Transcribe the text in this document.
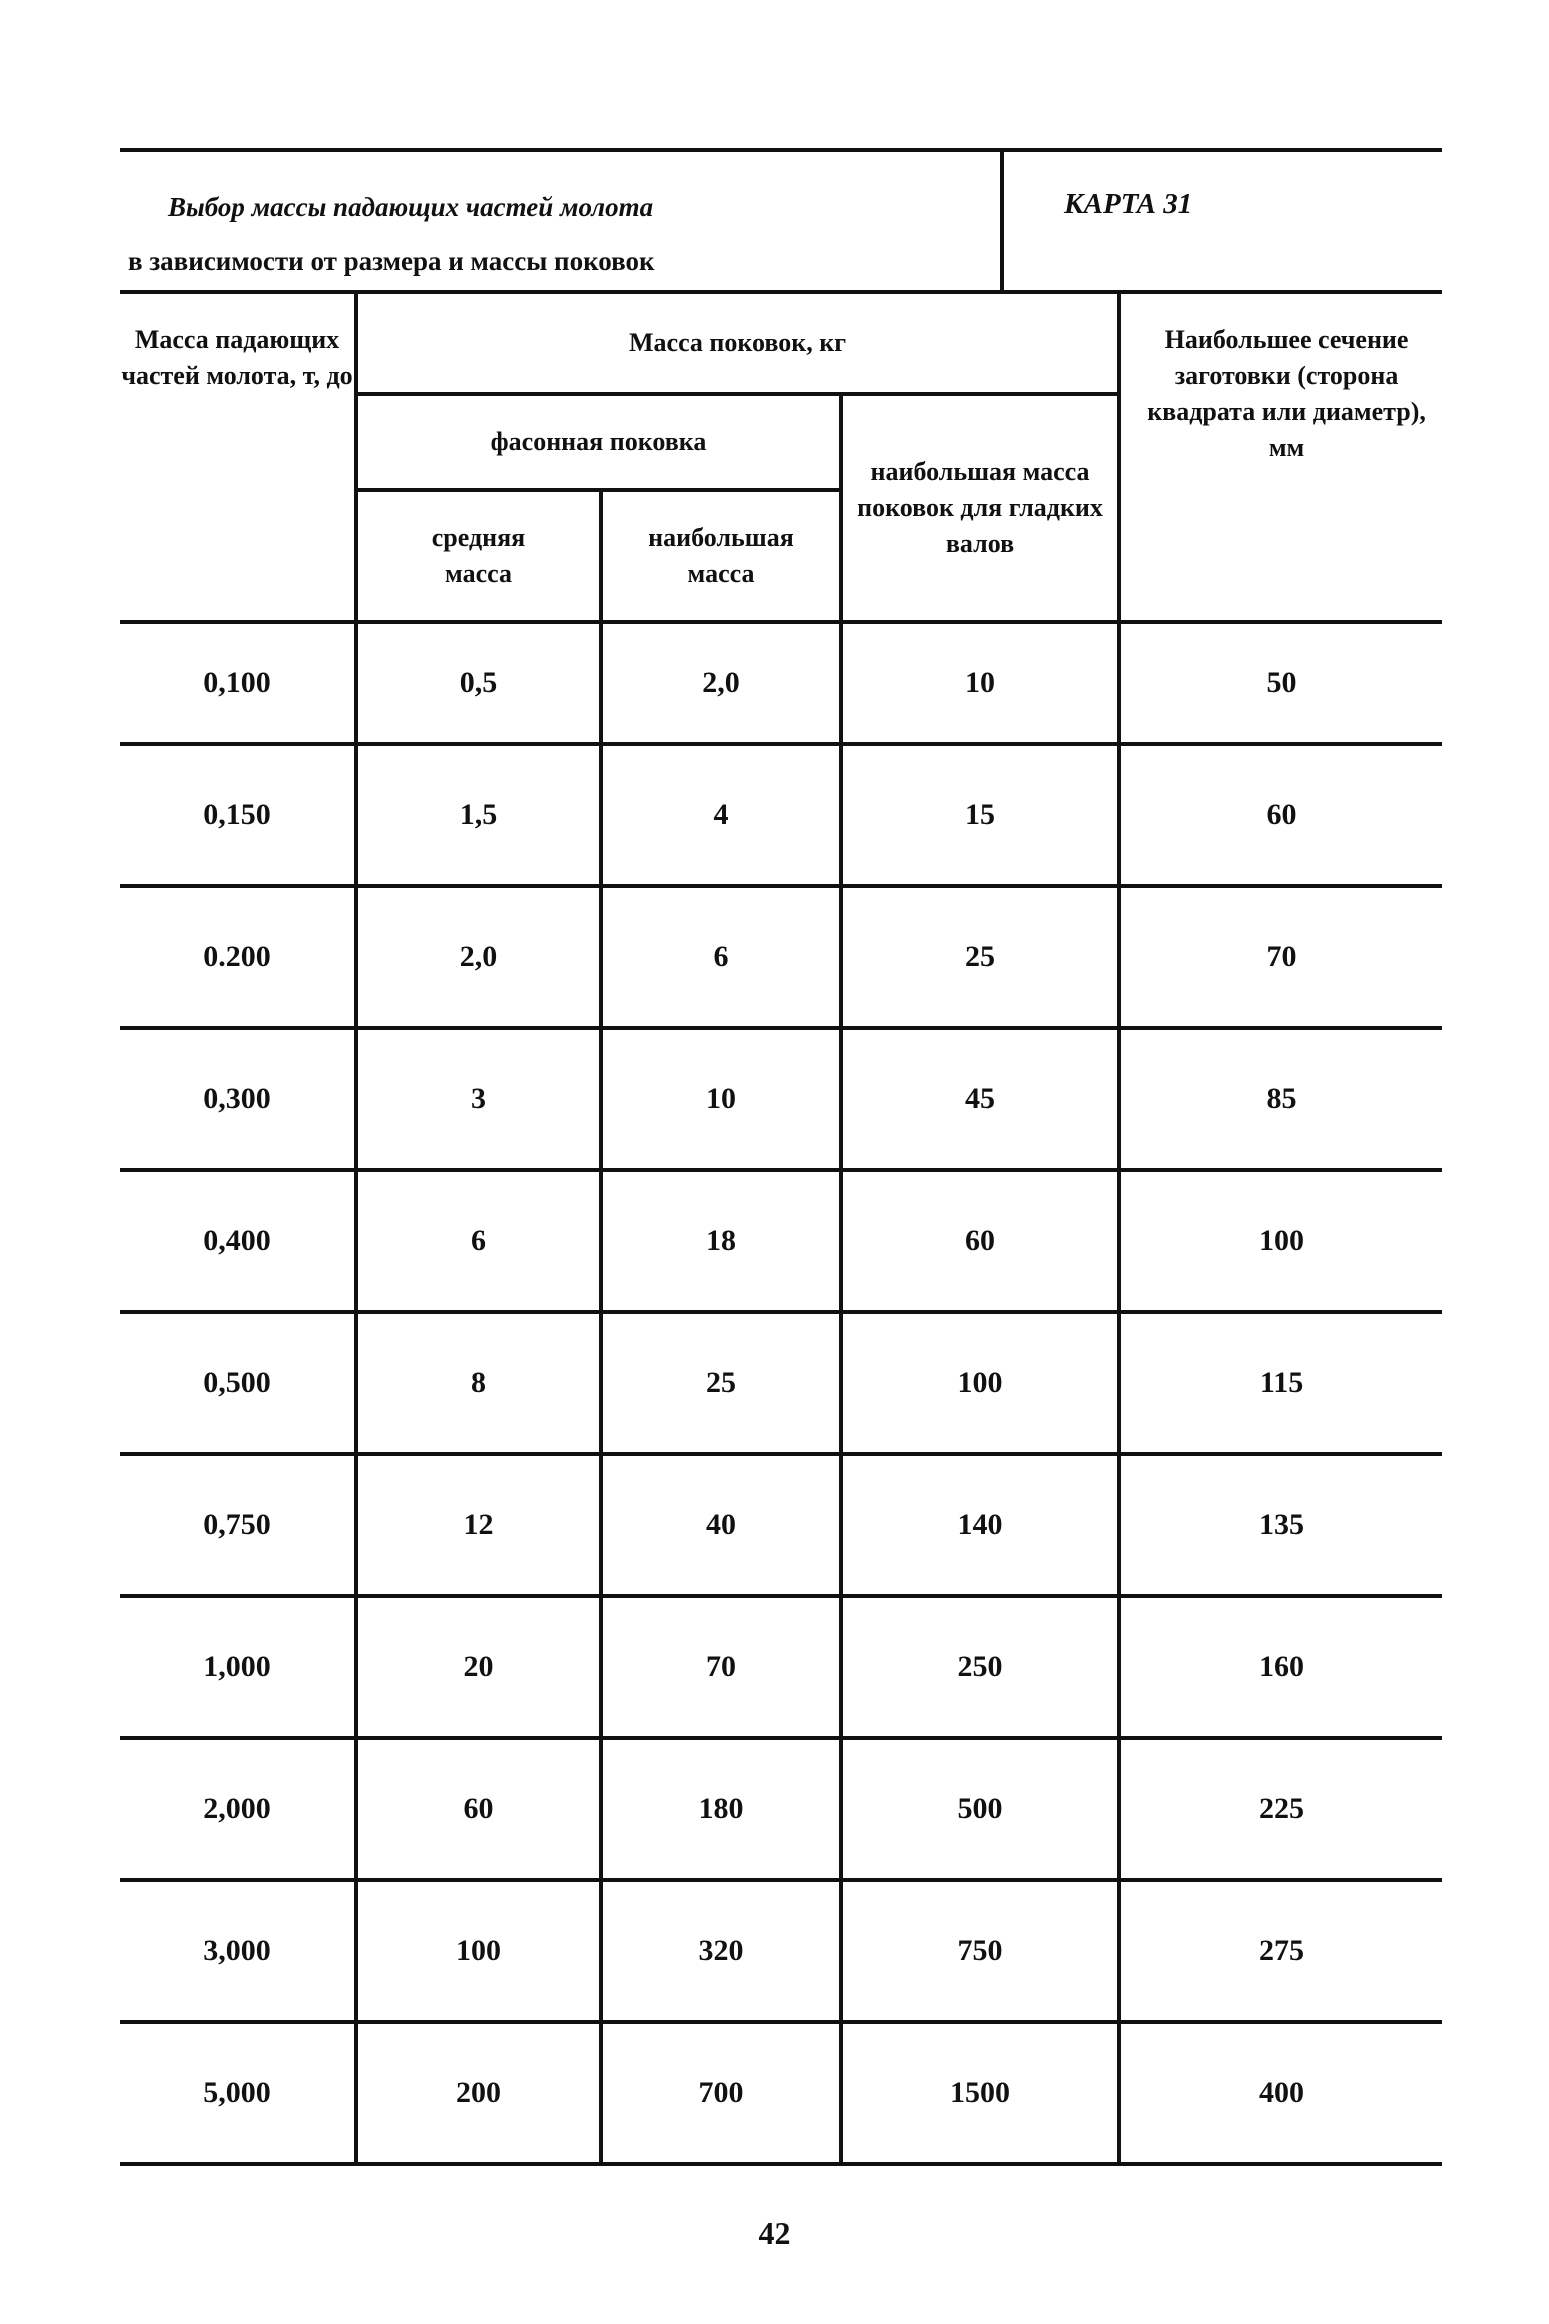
Выбор массы падающих частей молота
в зависимости от размера и массы поковок
КАРТА 31
Масса падающих частей молота, т, до	Масса поковок, кг			Наибольшее сечение заготовки (сторона квадрата или диаметр), мм
	фасонная поковка		наибольшая масса поковок для гладких валов	
	средняя масса	наибольшая масса		
0,100	0,5	2,0	10	50
0,150	1,5	4	15	60
0.200	2,0	6	25	70
0,300	3	10	45	85
0,400	6	18	60	100
0,500	8	25	100	115
0,750	12	40	140	135
1,000	20	70	250	160
2,000	60	180	500	225
3,000	100	320	750	275
5,000	200	700	1500	400
42
